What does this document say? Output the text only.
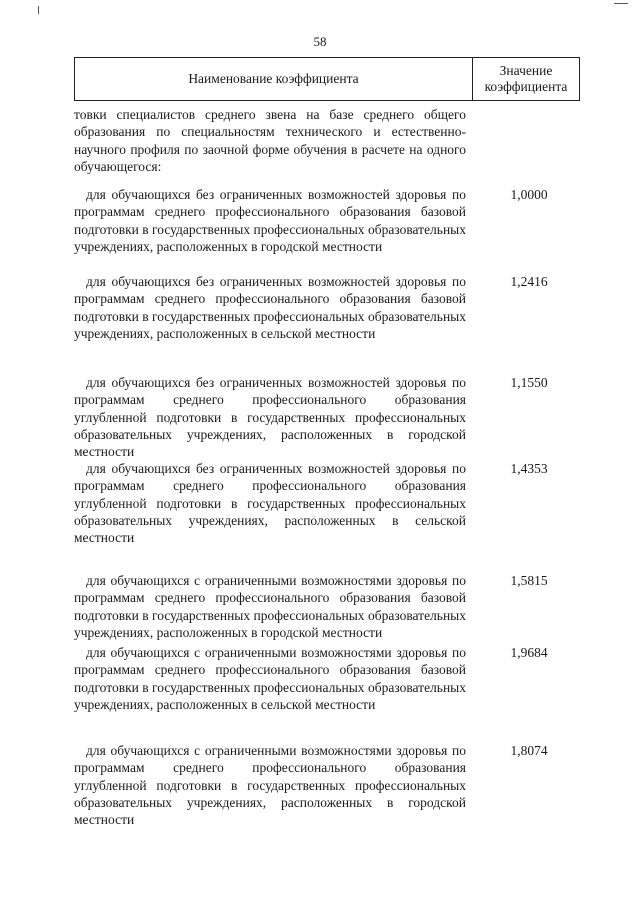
58
Наименование коэффициента
Значение
коэффициента
товки специалистов среднего звена на базе среднего общего образования по специальностям технического и естественно-научного профиля по заочной форме обучения в расчете на одного обучающегося:
для обучающихся без ограниченных возможностей здоровья по программам среднего профессионального образования базовой подготовки в государственных профессиональных образовательных учреждениях, расположенных в городской местности
1,0000
для обучающихся без ограниченных возможностей здоровья по программам среднего профессионального образования базовой подготовки в государственных профессиональных образовательных учреждениях, расположенных в сельской местности
1,2416
для обучающихся без ограниченных возможностей здоровья по программам среднего профессионального образования углубленной подготовки в государственных профессиональных образовательных учреждениях, расположенных в городской местности
1,1550
для обучающихся без ограниченных возможностей здоровья по программам среднего профессионального образования углубленной подготовки в государственных профессиональных образовательных учреждениях, расположенных в сельской местности
1,4353
для обучающихся с ограниченными возможностями здоровья по программам среднего профессионального образования базовой подготовки в государственных профессиональных образовательных учреждениях, расположенных в городской местности
1,5815
для обучающихся с ограниченными возможностями здоровья по программам среднего профессионального образования базовой подготовки в государственных профессиональных образовательных учреждениях, расположенных в сельской местности
1,9684
для обучающихся с ограниченными возможностями здоровья по программам среднего профессионального образования углубленной подготовки в государственных профессиональных образовательных учреждениях, расположенных в городской местности
1,8074
